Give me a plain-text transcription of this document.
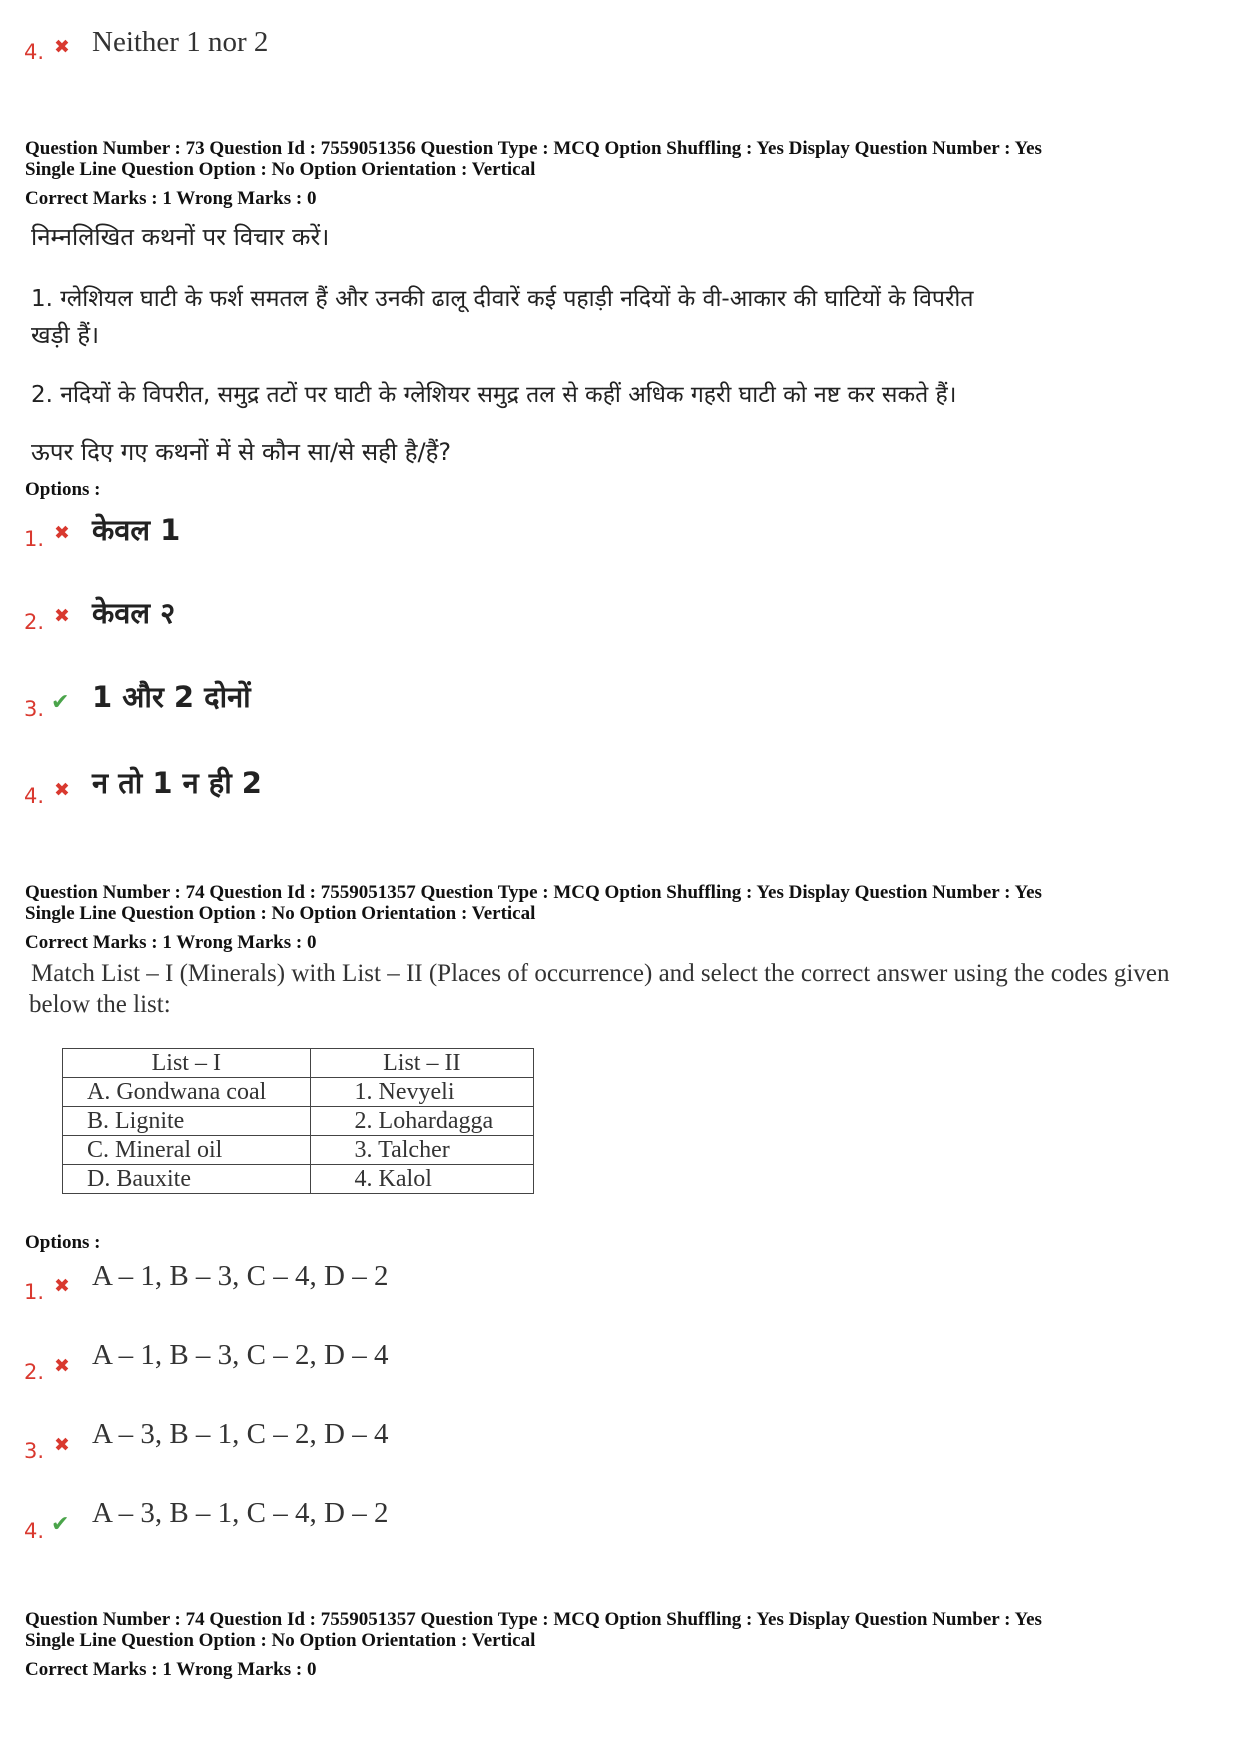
4. ✖ Neither 1 nor 2
Question Number : 73 Question Id : 7559051356 Question Type : MCQ Option Shuffling : Yes Display Question Number : Yes
Single Line Question Option : No Option Orientation : Vertical
Correct Marks : 1 Wrong Marks : 0
निम्नलिखित कथनों पर विचार करें।
1. ग्लेशियल घाटी के फर्श समतल हैं और उनकी ढालू दीवारें कई पहाड़ी नदियों के वी-आकार की घाटियों के विपरीत
खड़ी हैं।
2. नदियों के विपरीत, समुद्र तटों पर घाटी के ग्लेशियर समुद्र तल से कहीं अधिक गहरी घाटी को नष्ट कर सकते हैं।
ऊपर दिए गए कथनों में से कौन सा/से सही है/हैं?
Options :
1. ✖ केवल 1
2. ✖ केवल २
3. ✔ 1 और 2 दोनों
4. ✖ न तो 1 न ही 2
Question Number : 74 Question Id : 7559051357 Question Type : MCQ Option Shuffling : Yes Display Question Number : Yes
Single Line Question Option : No Option Orientation : Vertical
Correct Marks : 1 Wrong Marks : 0
Match List – I (Minerals) with List – II (Places of occurrence) and select the correct answer using the codes given
below the list:
List – I	List – II
A. Gondwana coal	1. Nevyeli
B. Lignite	2. Lohardagga
C. Mineral oil	3. Talcher
D. Bauxite	4. Kalol
Options :
1. ✖ A – 1, B – 3, C – 4, D – 2
2. ✖ A – 1, B – 3, C – 2, D – 4
3. ✖ A – 3, B – 1, C – 2, D – 4
4. ✔ A – 3, B – 1, C – 4, D – 2
Question Number : 74 Question Id : 7559051357 Question Type : MCQ Option Shuffling : Yes Display Question Number : Yes
Single Line Question Option : No Option Orientation : Vertical
Correct Marks : 1 Wrong Marks : 0
